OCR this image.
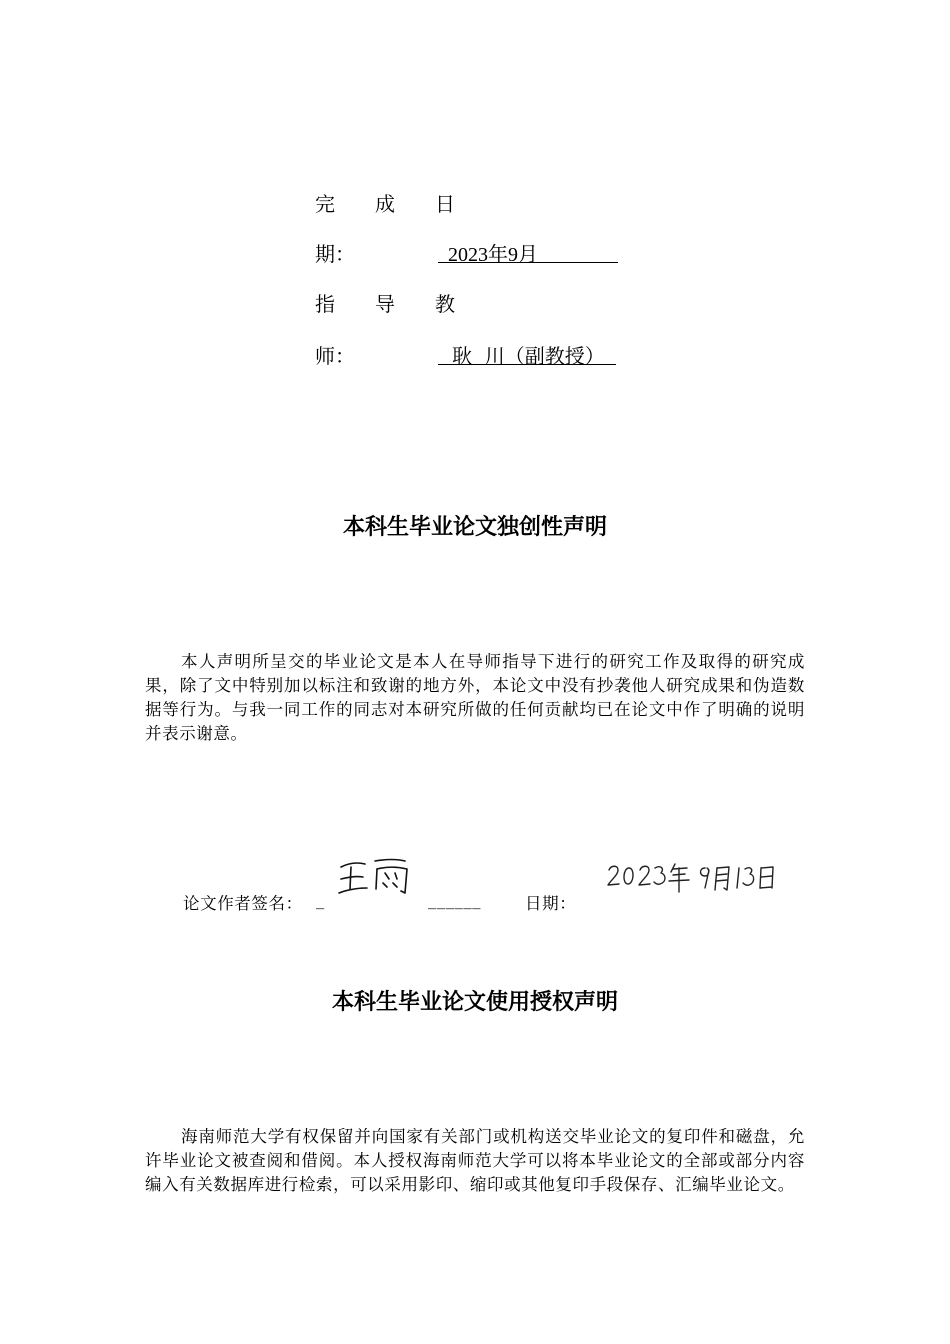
完　成　日
期：	2023年9月
指　导　教
师：	耿  川（副教授）
本科生毕业论文独创性声明
本人声明所呈交的毕业论文是本人在导师指导下进行的研究工作及取得的研究成果，除了文中特别加以标注和致谢的地方外，本论文中没有抄袭他人研究成果和伪造数据等行为。与我一同工作的同志对本研究所做的任何贡献均已在论文中作了明确的说明并表示谢意。
论文作者签名： _	______	日期：
本科生毕业论文使用授权声明
海南师范大学有权保留并向国家有关部门或机构送交毕业论文的复印件和磁盘，允许毕业论文被查阅和借阅。本人授权海南师范大学可以将本毕业论文的全部或部分内容编入有关数据库进行检索，可以采用影印、缩印或其他复印手段保存、汇编毕业论文。
